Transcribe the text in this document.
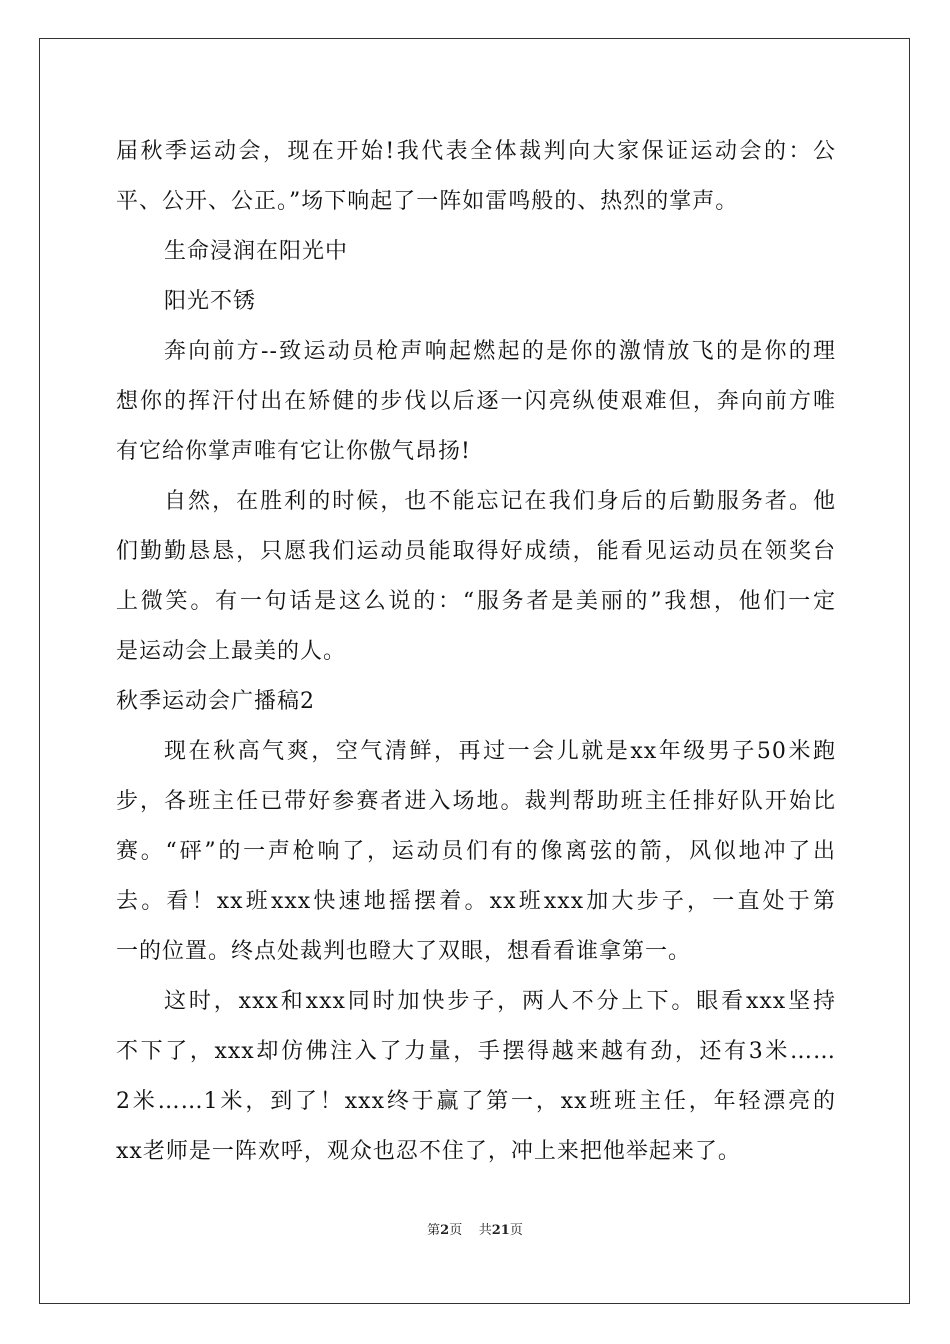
届秋季运动会，现在开始!我代表全体裁判向大家保证运动会的：公
平、公开、公正。”场下响起了一阵如雷鸣般的、热烈的掌声。
生命浸润在阳光中
阳光不锈
奔向前方--致运动员枪声响起燃起的是你的激情放飞的是你的理
想你的挥汗付出在矫健的步伐以后逐一闪亮纵使艰难但，奔向前方唯
有它给你掌声唯有它让你傲气昂扬!
自然，在胜利的时候，也不能忘记在我们身后的后勤服务者。他
们勤勤恳恳，只愿我们运动员能取得好成绩，能看见运动员在领奖台
上微笑。有一句话是这么说的：“服务者是美丽的”我想，他们一定
是运动会上最美的人。
秋季运动会广播稿2
现在秋高气爽，空气清鲜，再过一会儿就是xx年级男子50米跑
步，各班主任已带好参赛者进入场地。裁判帮助班主任排好队开始比
赛。“砰”的一声枪响了，运动员们有的像离弦的箭，风似地冲了出
去。看！xx班xxx快速地摇摆着。xx班xxx加大步子，一直处于第
一的位置。终点处裁判也瞪大了双眼，想看看谁拿第一。
这时，xxx和xxx同时加快步子，两人不分上下。眼看xxx坚持
不下了，xxx却仿佛注入了力量，手摆得越来越有劲，还有3米……
2米……1米，到了！xxx终于赢了第一，xx班班主任，年轻漂亮的
xx老师是一阵欢呼，观众也忍不住了，冲上来把他举起来了。
第2页 共21页
